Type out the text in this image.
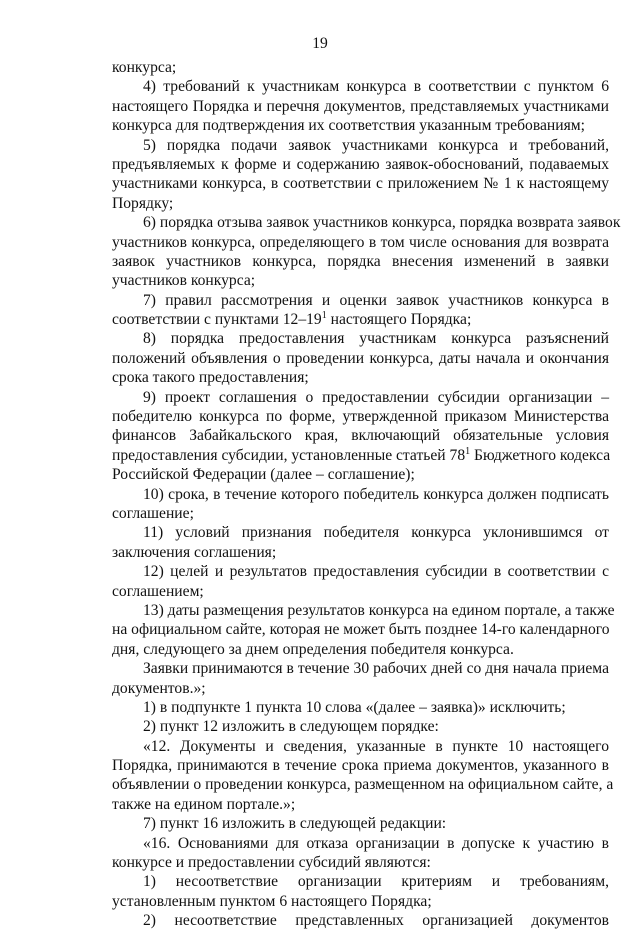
19
конкурса;
4) требований к участникам конкурса в соответствии с пунктом 6
настоящего Порядка и перечня документов, представляемых участниками
конкурса для подтверждения их соответствия указанным требованиям;
5) порядка подачи заявок участниками конкурса и требований,
предъявляемых к форме и содержанию заявок-обоснований, подаваемых
участниками конкурса, в соответствии с приложением № 1 к настоящему
Порядку;
6) порядка отзыва заявок участников конкурса, порядка возврата заявок
участников конкурса, определяющего в том числе основания для возврата
заявок участников конкурса, порядка внесения изменений в заявки
участников конкурса;
7) правил рассмотрения и оценки заявок участников конкурса в
соответствии с пунктами $12-19^1$ настоящего Порядка;
8) порядка предоставления участникам конкурса разъяснений
положений объявления о проведении конкурса, даты начала и окончания
срока такого предоставления;
9) проект соглашения о предоставлении субсидии организации –
победителю конкурса по форме, утвержденной приказом Министерства
финансов Забайкальского края, включающий обязательные условия
предоставления субсидии, установленные статьей $78^1$ Бюджетного кодекса
Российской Федерации (далее – соглашение);
10) срока, в течение которого победитель конкурса должен подписать
соглашение;
11) условий признания победителя конкурса уклонившимся от
заключения соглашения;
12) целей и результатов предоставления субсидии в соответствии с
соглашением;
13) даты размещения результатов конкурса на едином портале, а также
на официальном сайте, которая не может быть позднее 14-го календарного
дня, следующего за днем определения победителя конкурса.
Заявки принимаются в течение 30 рабочих дней со дня начала приема
документов.»;
1) в подпункте 1 пункта 10 слова «(далее – заявка)» исключить;
2) пункт 12 изложить в следующем порядке:
«12. Документы и сведения, указанные в пункте 10 настоящего
Порядка, принимаются в течение срока приема документов, указанного в
объявлении о проведении конкурса, размещенном на официальном сайте, а
также на едином портале.»;
7) пункт 16 изложить в следующей редакции:
«16. Основаниями для отказа организации в допуске к участию в
конкурсе и предоставлении субсидий являются:
1) несоответствие организации критериям и требованиям,
установленным пунктом 6 настоящего Порядка;
2) несоответствие представленных организацией документов
